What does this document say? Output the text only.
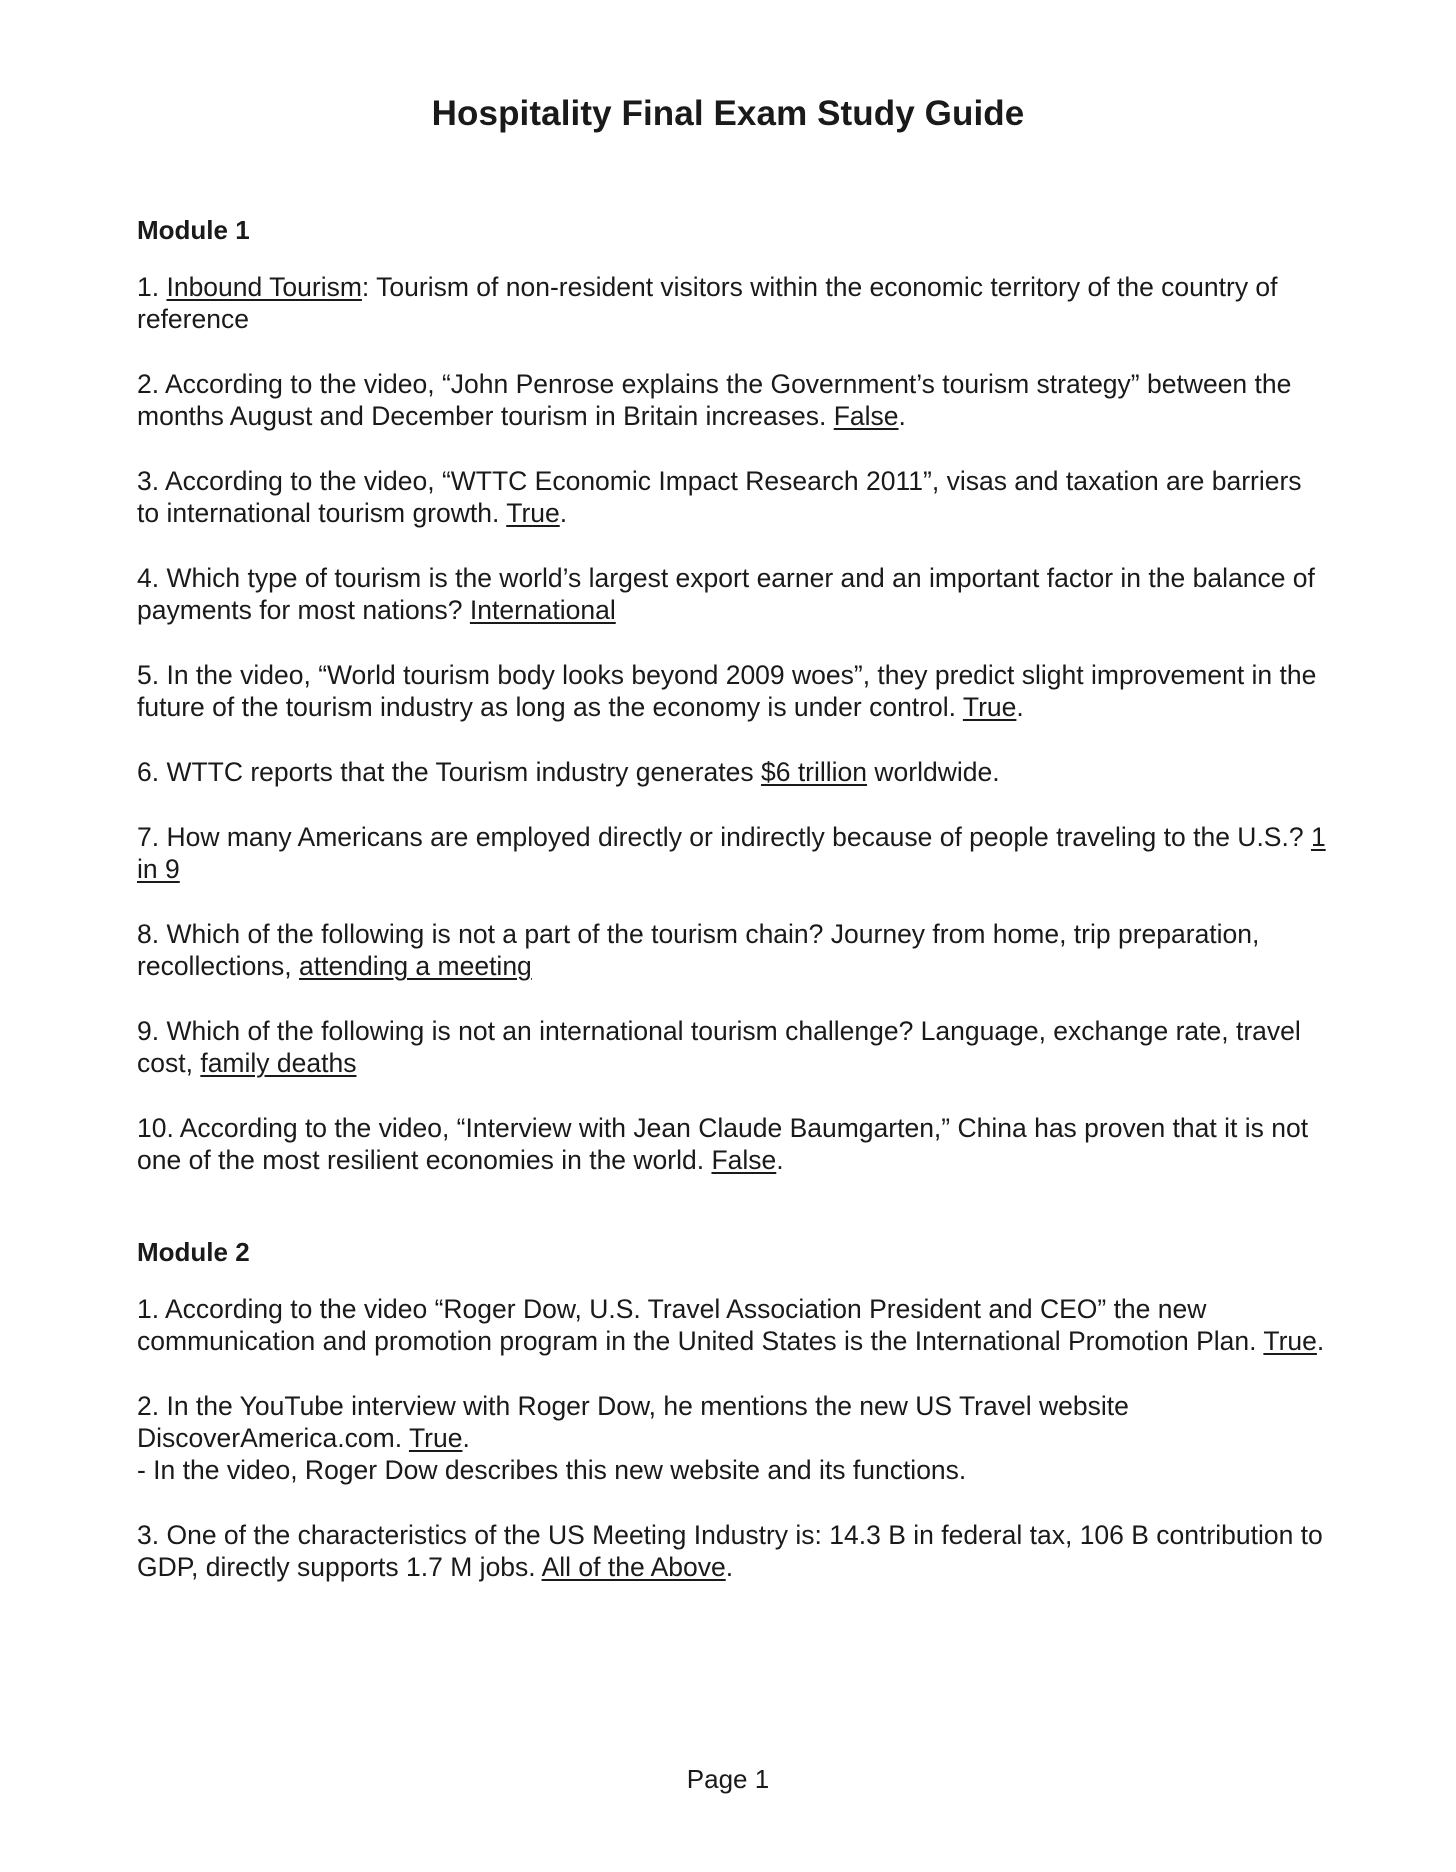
Hospitality Final Exam Study Guide
Module 1
1. Inbound Tourism: Tourism of non-resident visitors within the economic territory of the country of reference
2. According to the video, “John Penrose explains the Government’s tourism strategy” between the months August and December tourism in Britain increases. False.
3. According to the video, “WTTC Economic Impact Research 2011”, visas and taxation are barriers to international tourism growth. True.
4. Which type of tourism is the world’s largest export earner and an important factor in the balance of payments for most nations? International
5. In the video, “World tourism body looks beyond 2009 woes”, they predict slight improvement in the future of the tourism industry as long as the economy is under control. True.
6. WTTC reports that the Tourism industry generates $6 trillion worldwide.
7. How many Americans are employed directly or indirectly because of people traveling to the U.S.? 1 in 9
8. Which of the following is not a part of the tourism chain? Journey from home, trip preparation, recollections, attending a meeting
9. Which of the following is not an international tourism challenge? Language, exchange rate, travel cost, family deaths
10. According to the video, “Interview with Jean Claude Baumgarten,” China has proven that it is not one of the most resilient economies in the world. False.
Module 2
1. According to the video “Roger Dow, U.S. Travel Association President and CEO” the new communication and promotion program in the United States is the International Promotion Plan. True.
2. In the YouTube interview with Roger Dow, he mentions the new US Travel website DiscoverAmerica.com. True.
- In the video, Roger Dow describes this new website and its functions.
3. One of the characteristics of the US Meeting Industry is: 14.3 B in federal tax, 106 B contribution to GDP, directly supports 1.7 M jobs. All of the Above.
Page 1
